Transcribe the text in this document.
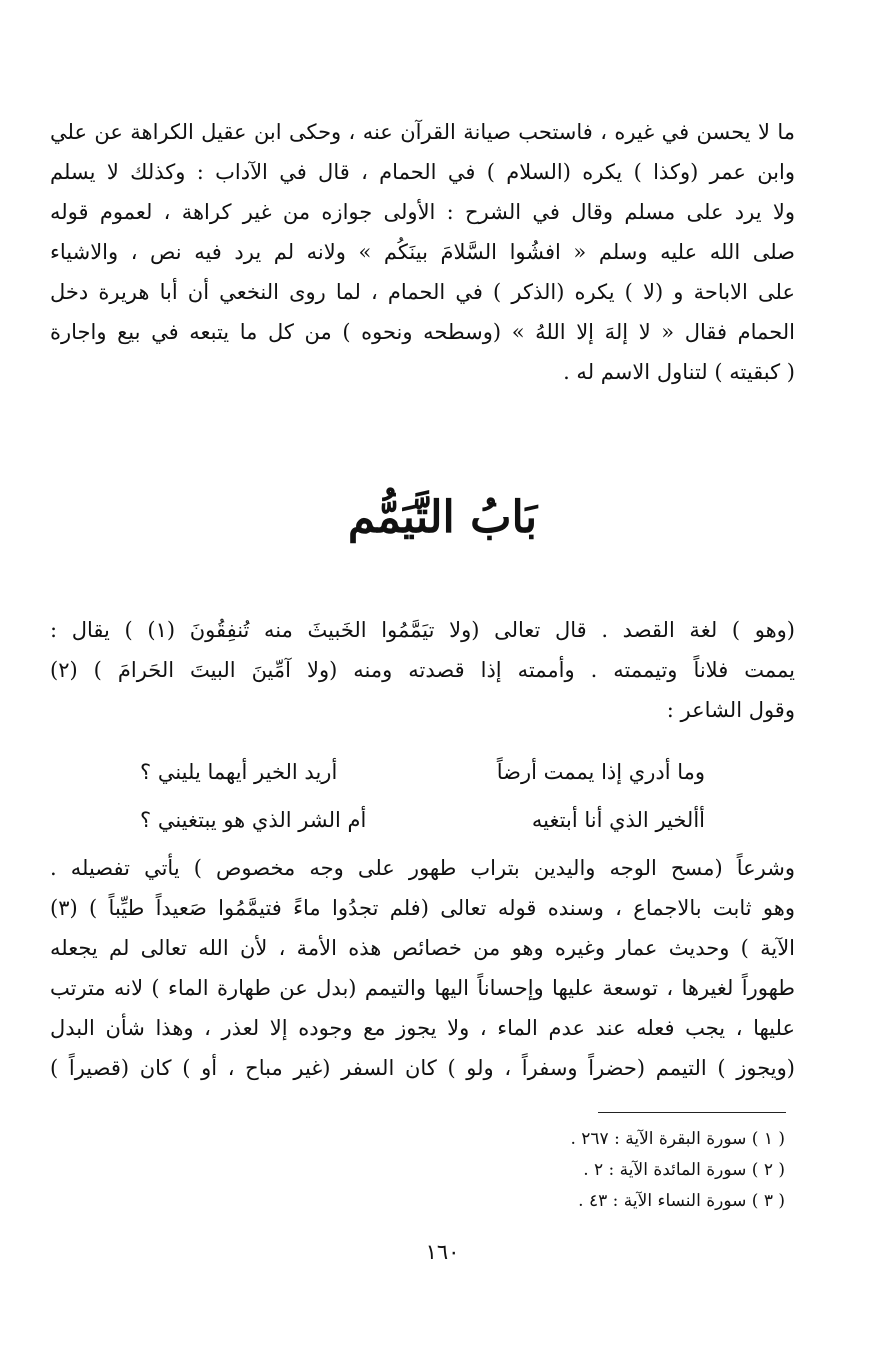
ما لا يحسن في غيره ، فاستحب صيانة القرآن عنه ، وحكى ابن عقيل الكراهة عن علي
وابن عمر (وكذا ) يكره (السلام ) في الحمام ، قال في الآداب : وكذلك لا يسلم
ولا يرد على مسلم وقال في الشرح : الأولى جوازه من غير كراهة ، لعموم قوله
صلى الله عليه وسلم « افشُوا السَّلامَ بينَكُم » ولانه لم يرد فيه نص ، والاشياء
على الاباحة و (لا ) يكره (الذكر ) في الحمام ، لما روى النخعي أن أبا هريرة دخل
الحمام فقال « لا إلهَ إلا اللهُ » (وسطحه ونحوه ) من كل ما يتبعه في بيع واجارة
( كبقيته ) لتناول الاسم له .
بَابُ التَّيَمُّم
(وهو ) لغة القصد . قال تعالى (ولا تيَمَّمُوا الخَبيثَ منه تُنفِقُونَ (١) ) يقال :
يممت فلاناً وتيممته . وأممته إذا قصدته ومنه (ولا آمِّينَ البيتَ الحَرامَ ) (٢)
وقول الشاعر :
وما أدري إذا يممت أرضاً
أريد الخير أيهما يليني ؟
أألخير الذي أنا أبتغيه
أم الشر الذي هو يبتغيني ؟
وشرعاً (مسح الوجه واليدين بتراب طهور على وجه مخصوص ) يأتي تفصيله .
وهو ثابت بالاجماع ، وسنده قوله تعالى (فلم تجدُوا ماءً فتيمَّمُوا صَعيداً طيِّباً ) (٣)
الآية ) وحديث عمار وغيره وهو من خصائص هذه الأمة ، لأن الله تعالى لم يجعله
طهوراً لغيرها ، توسعة عليها وإحساناً اليها والتيمم (بدل عن طهارة الماء ) لانه مترتب
عليها ، يجب فعله عند عدم الماء ، ولا يجوز مع وجوده إلا لعذر ، وهذا شأن البدل
(ويجوز ) التيمم (حضراً وسفراً ، ولو ) كان السفر (غير مباح ، أو ) كان (قصيراً )
( ١ ) سورة البقرة الآية : ٢٦٧ .
( ٢ ) سورة المائدة الآية : ٢ .
( ٣ ) سورة النساء الآية : ٤٣ .
١٦٠
